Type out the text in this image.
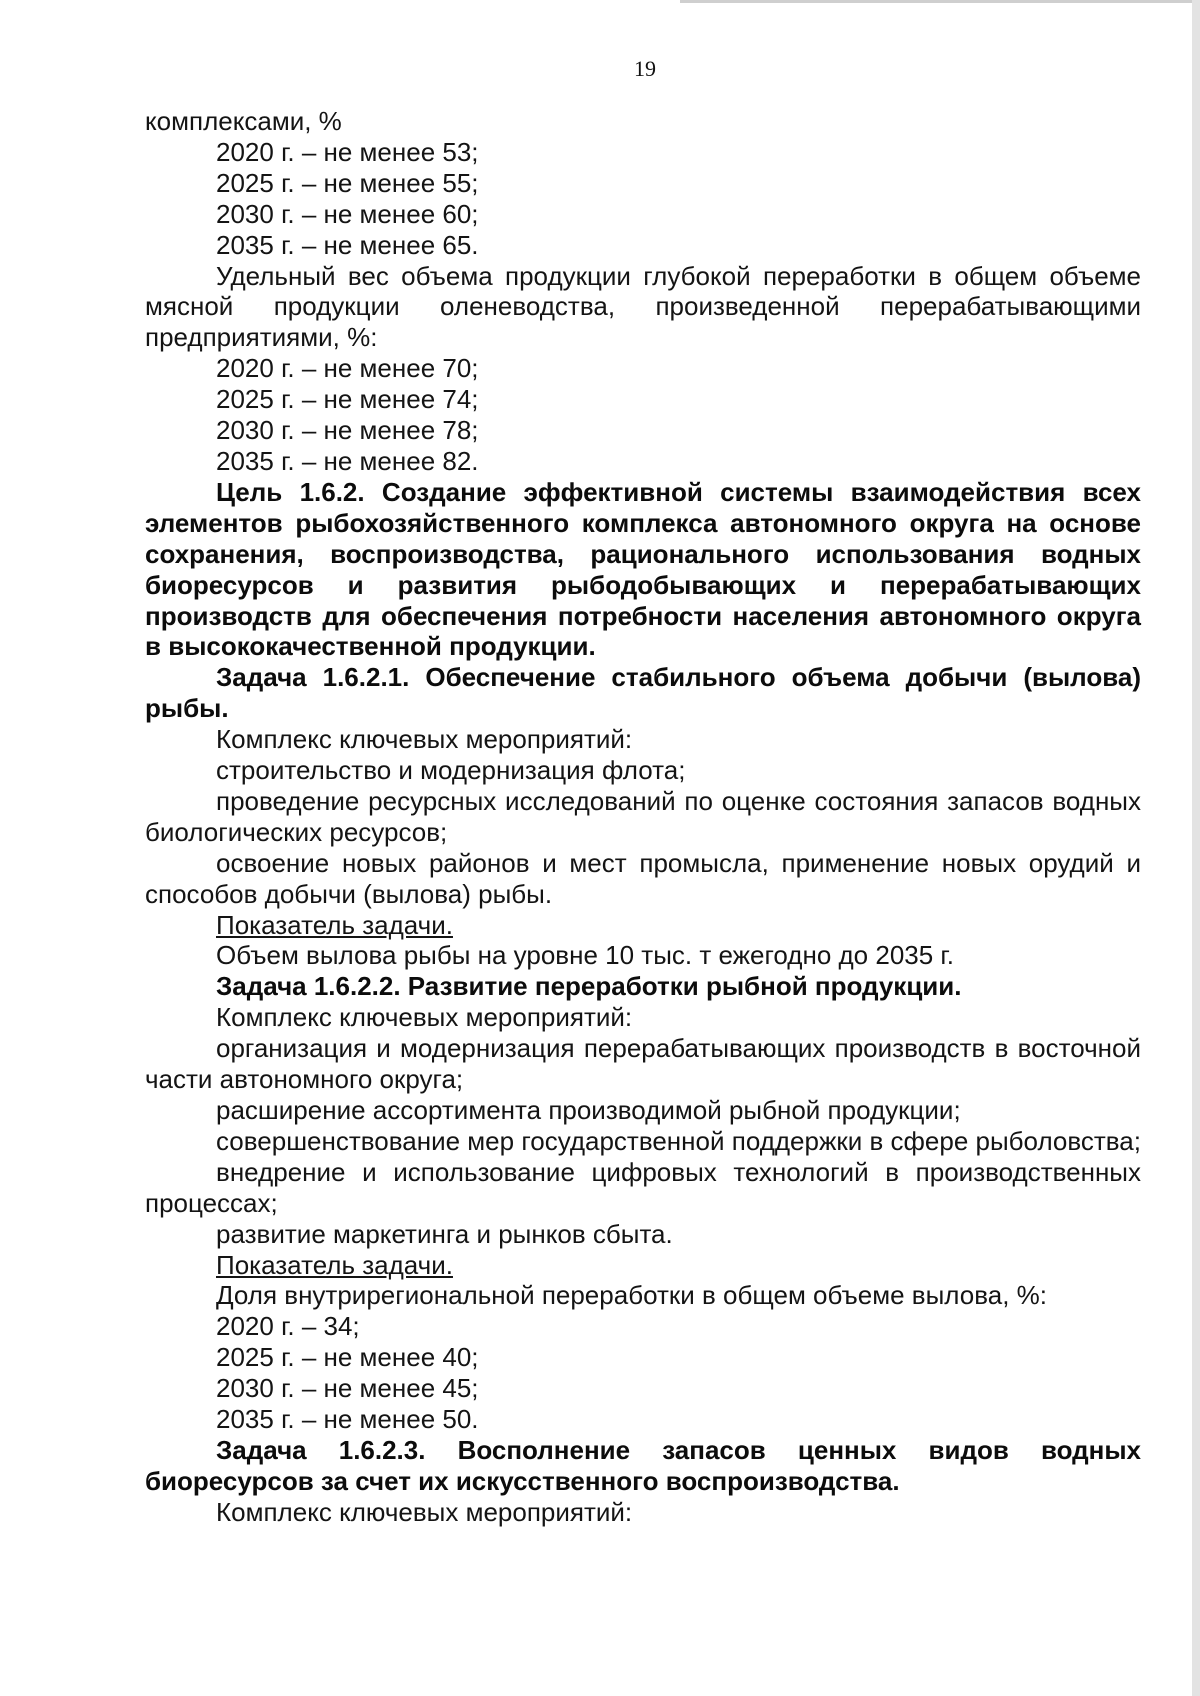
19

комплексами, %

2020 г. – не менее 53;

2025 г. – не менее 55;

2030 г. – не менее 60;

2035 г. – не менее 65.

Удельный вес объема продукции глубокой переработки в общем объеме мясной продукции оленеводства, произведенной перерабатывающими предприятиями, %:

2020 г. – не менее 70;

2025 г. – не менее 74;

2030 г. – не менее 78;

2035 г. – не менее 82.

Цель 1.6.2. Создание эффективной системы взаимодействия всех элементов рыбохозяйственного комплекса автономного округа на основе сохранения, воспроизводства, рационального использования водных биоресурсов и развития рыбодобывающих и перерабатывающих производств для обеспечения потребности населения автономного округа в высококачественной продукции.

Задача 1.6.2.1. Обеспечение стабильного объема добычи (вылова) рыбы.

Комплекс ключевых мероприятий:

строительство и модернизация флота;

проведение ресурсных исследований по оценке состояния запасов водных биологических ресурсов;

освоение новых районов и мест промысла, применение новых орудий и способов добычи (вылова) рыбы.

Показатель задачи.

Объем вылова рыбы на уровне 10 тыс. т ежегодно до 2035 г.

Задача 1.6.2.2. Развитие переработки рыбной продукции.

Комплекс ключевых мероприятий:

организация и модернизация перерабатывающих производств в восточной части автономного округа;

расширение ассортимента производимой рыбной продукции;

совершенствование мер государственной поддержки в сфере рыболовства;

внедрение и использование цифровых технологий в производственных процессах;

развитие маркетинга и рынков сбыта.

Показатель задачи.

Доля внутрирегиональной переработки в общем объеме вылова, %:

2020 г. – 34;

2025 г. – не менее 40;

2030 г. – не менее 45;

2035 г. – не менее 50.

Задача 1.6.2.3. Восполнение запасов ценных видов водных биоресурсов за счет их искусственного воспроизводства.

Комплекс ключевых мероприятий:
